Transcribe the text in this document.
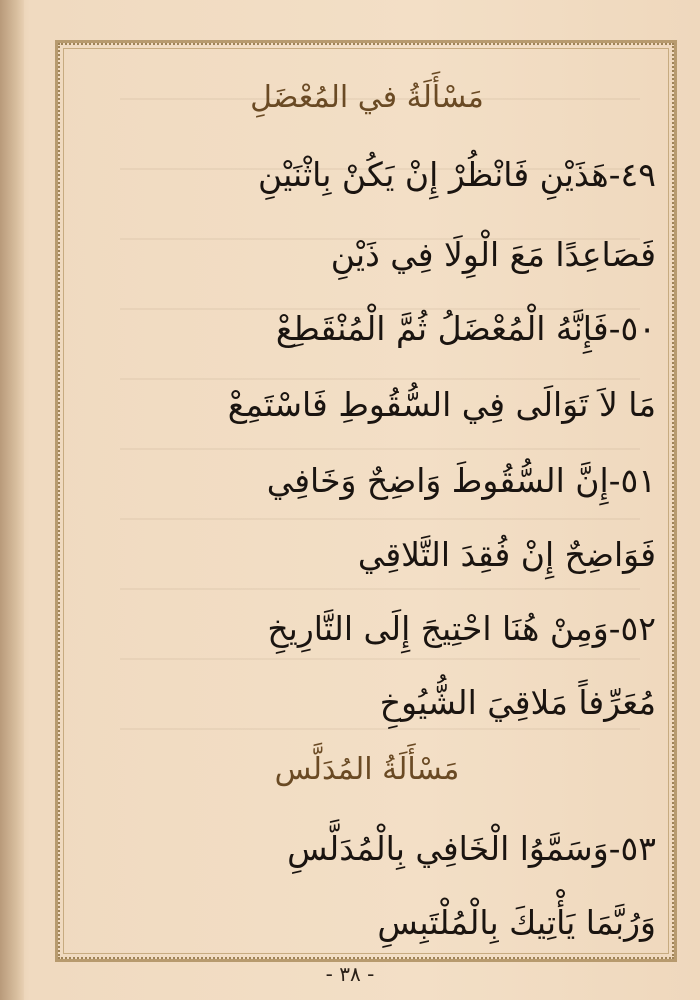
مَسْأَلَةُ في المُعْضَلِ
٤٩-هَذَيْنِ فَانْظُرْ إِنْ يَكُنْ بِاثْنَيْنِ
فَصَاعِدًا مَعَ الْوِلَا فِي ذَيْنِ
٥٠-فَإِنَّهُ الْمُعْضَلُ ثُمَّ الْمُنْقَطِعْ
مَا لاَ تَوَالَى فِي السُّقُوطِ فَاسْتَمِعْ
٥١-إِنَّ السُّقُوطَ وَاضِحٌ وَخَافِي
فَوَاضِحٌ إِنْ فُقِدَ التَّلاقِي
٥٢-وَمِنْ هُنَا احْتِيجَ إِلَى التَّارِيخِ
مُعَرِّفاً مَلاقِيَ الشُّيُوخِ
مَسْأَلَةُ المُدَلَّس
٥٣-وَسَمَّوُا الْخَافِي بِالْمُدَلَّسِ
وَرُبَّمَا يَأْتِيكَ بِالْمُلْتَبِسِ
- ٣٨ -
